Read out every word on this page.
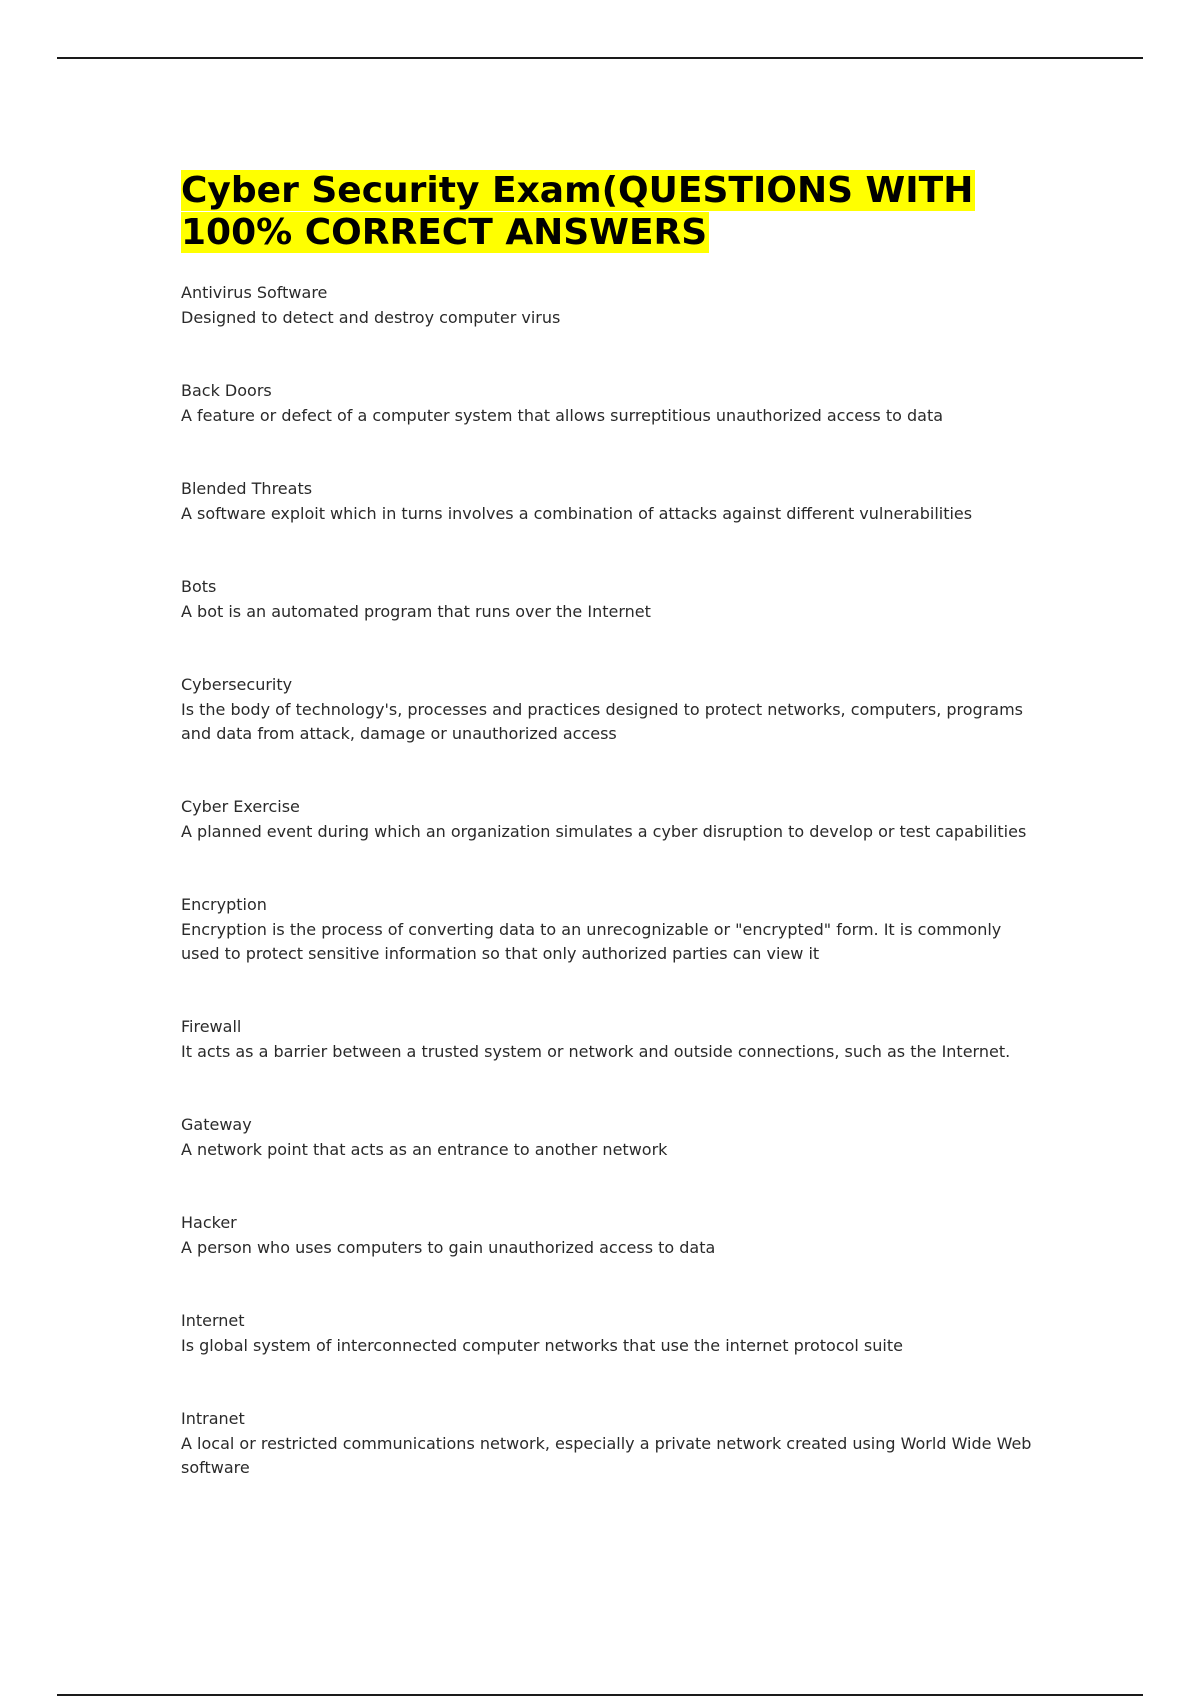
Cyber Security Exam(QUESTIONS WITH 100% CORRECT ANSWERS

Antivirus Software

Designed to detect and destroy computer virus

Back Doors

A feature or defect of a computer system that allows surreptitious unauthorized access to data

Blended Threats

A software exploit which in turns involves a combination of attacks against different vulnerabilities

Bots

A bot is an automated program that runs over the Internet

Cybersecurity

Is the body of technology's, processes and practices designed to protect networks, computers, programs and data from attack, damage or unauthorized access

Cyber Exercise

A planned event during which an organization simulates a cyber disruption to develop or test capabilities

Encryption

Encryption is the process of converting data to an unrecognizable or "encrypted" form. It is commonly used to protect sensitive information so that only authorized parties can view it

Firewall

It acts as a barrier between a trusted system or network and outside connections, such as the Internet.

Gateway

A network point that acts as an entrance to another network

Hacker

A person who uses computers to gain unauthorized access to data

Internet

Is global system of interconnected computer networks that use the internet protocol suite

Intranet

A local or restricted communications network, especially a private network created using World Wide Web software
